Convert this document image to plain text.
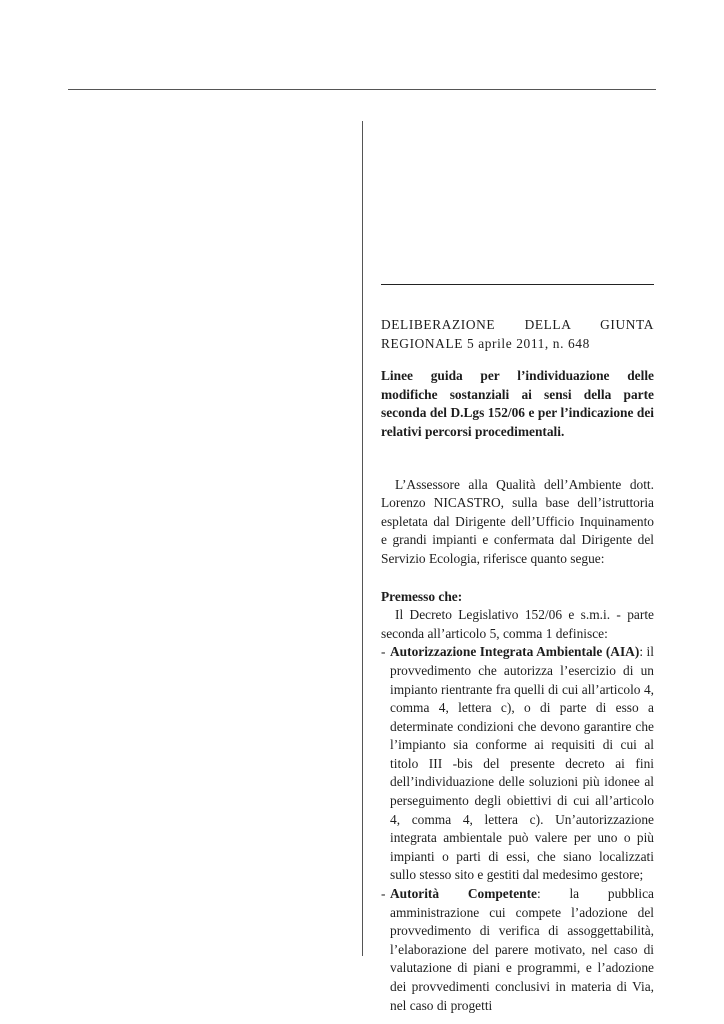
DELIBERAZIONE DELLA GIUNTA REGIONALE 5 aprile 2011, n. 648

Linee guida per l’individuazione delle modifiche sostanziali ai sensi della parte seconda del D.Lgs 152/06 e per l’indicazione dei relativi percorsi procedimentali.

L’Assessore alla Qualità dell’Ambiente dott. Lorenzo NICASTRO, sulla base dell’istruttoria espletata dal Dirigente dell’Ufficio Inquinamento e grandi impianti e confermata dal Dirigente del Servizio Ecologia, riferisce quanto segue:

Premesso che:

Il Decreto Legislativo 152/06 e s.m.i. - parte seconda all’articolo 5, comma 1 definisce:

- Autorizzazione Integrata Ambientale (AIA): il provvedimento che autorizza l’esercizio di un impianto rientrante fra quelli di cui all’articolo 4, comma 4, lettera c), o di parte di esso a determinate condizioni che devono garantire che l’impianto sia conforme ai requisiti di cui al titolo III -bis del presente decreto ai fini dell’individuazione delle soluzioni più idonee al perseguimento degli obiettivi di cui all’articolo 4, comma 4, lettera c). Un’autorizzazione integrata ambientale può valere per uno o più impianti o parti di essi, che siano localizzati sullo stesso sito e gestiti dal medesimo gestore;
- Autorità Competente: la pubblica amministrazione cui compete l’adozione del provvedimento di verifica di assoggettabilità, l’elaborazione del parere motivato, nel caso di valutazione di piani e programmi, e l’adozione dei provvedimenti conclusivi in materia di Via, nel caso di progetti
